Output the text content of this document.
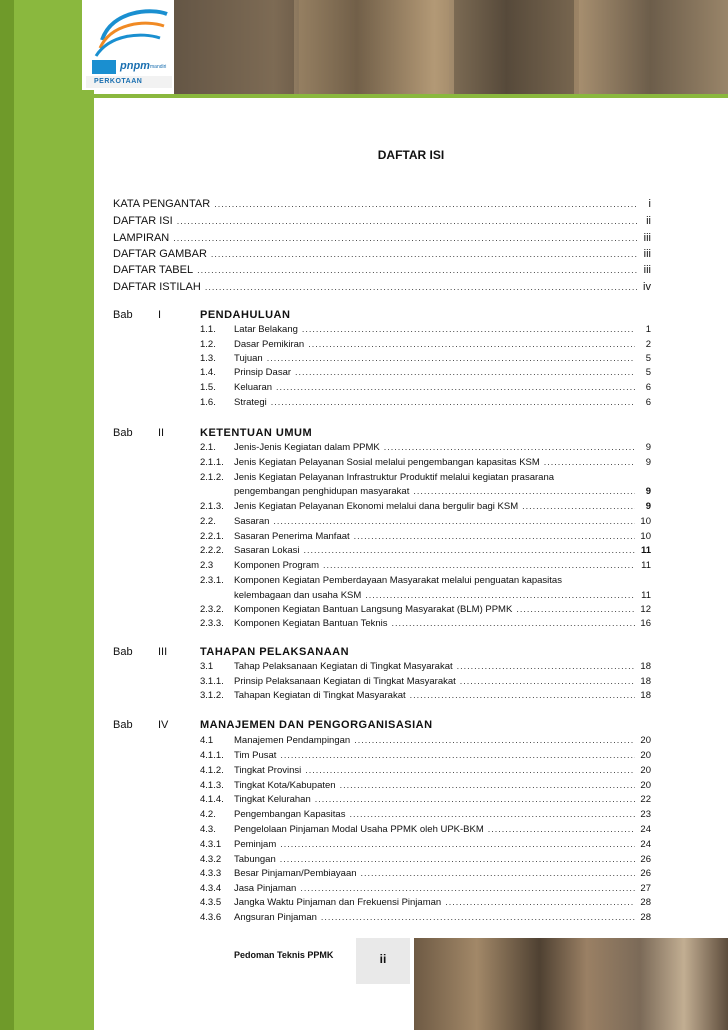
pnpm mandiri
PERKOTAAN
DAFTAR ISI
KATA PENGANTAR .....	i
DAFTAR ISI .....	ii
LAMPIRAN .....	iii
DAFTAR GAMBAR .....	iii
DAFTAR TABEL .....	iii
DAFTAR ISTILAH .....	iv
Bab I	PENDAHULUAN
1.1.	Latar Belakang .....	1
1.2.	Dasar Pemikiran .....	2
1.3.	Tujuan .....	5
1.4.	Prinsip Dasar .....	5
1.5.	Keluaran .....	6
1.6.	Strategi .....	6
Bab II	KETENTUAN UMUM
2.1.	Jenis-Jenis Kegiatan dalam PPMK .....	9
2.1.1.	Jenis Kegiatan Pelayanan Sosial melalui pengembangan kapasitas KSM .....	9
2.1.2.	Jenis Kegiatan Pelayanan Infrastruktur Produktif melalui kegiatan prasarana
pengembangan penghidupan masyarakat .....	9
2.1.3.	Jenis Kegiatan Pelayanan Ekonomi melalui dana bergulir bagi KSM .....	9
2.2.	Sasaran .....	10
2.2.1.	Sasaran Penerima Manfaat .....	10
2.2.2.	Sasaran Lokasi .....	11
2.3	Komponen Program .....	11
2.3.1.	Komponen Kegiatan Pemberdayaan Masyarakat melalui penguatan kapasitas
kelembagaan dan usaha KSM .....	11
2.3.2.	Komponen Kegiatan Bantuan Langsung Masyarakat (BLM) PPMK .....	12
2.3.3.	Komponen Kegiatan Bantuan Teknis .....	16
Bab III	TAHAPAN PELAKSANAAN
3.1	Tahap Pelaksanaan Kegiatan di Tingkat Masyarakat .....	18
3.1.1.	Prinsip Pelaksanaan Kegiatan di Tingkat Masyarakat .....	18
3.1.2.	Tahapan Kegiatan di Tingkat Masyarakat .....	18
Bab IV	MANAJEMEN DAN PENGORGANISASIAN
4.1	Manajemen Pendampingan .....	20
4.1.1.	Tim Pusat .....	20
4.1.2.	Tingkat Provinsi .....	20
4.1.3.	Tingkat Kota/Kabupaten .....	20
4.1.4.	Tingkat Kelurahan .....	22
4.2.	Pengembangan Kapasitas .....	23
4.3.	Pengelolaan Pinjaman Modal Usaha PPMK oleh UPK-BKM .....	24
4.3.1	Peminjam .....	24
4.3.2	Tabungan .....	26
4.3.3	Besar Pinjaman/Pembiayaan .....	26
4.3.4	Jasa Pinjaman .....	27
4.3.5	Jangka Waktu Pinjaman dan Frekuensi Pinjaman .....	28
4.3.6	Angsuran Pinjaman .....	28
Pedoman Teknis PPMK	ii
